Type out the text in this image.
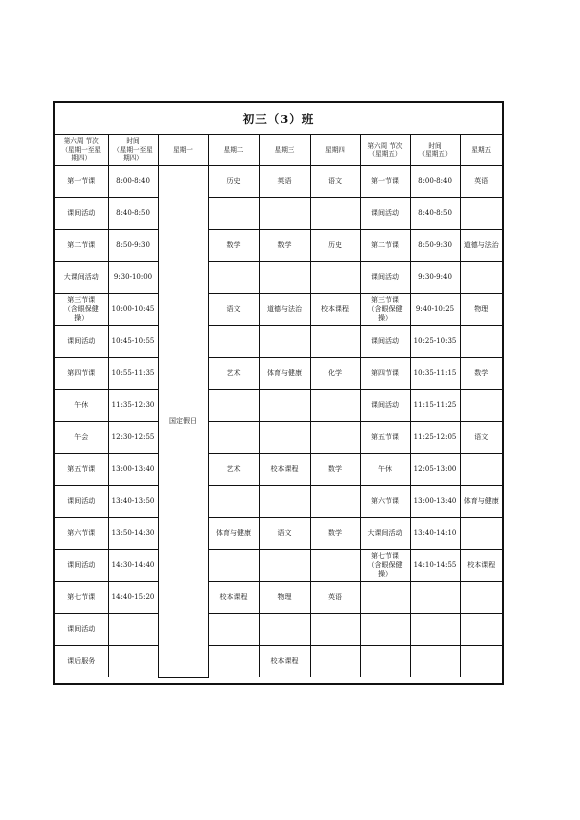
初三（3）班
第六周 节次
（星期一至星
期四）	时间
（星期一至星
期四）	星期一	星期二	星期三	星期四	第六周 节次
（星期五）	时间
（星期五）	星期五
第一节课	8:00-8:40	国定假日	历史	英语	语文	第一节课	8:00-8:40	英语
课间活动	8:40-8:50					课间活动	8:40-8:50	
第二节课	8:50-9:30		数学	数学	历史	第二节课	8:50-9:30	道德与法治
大课间活动	9:30-10:00					课间活动	9:30-9:40	
第三节课
（含眼保健
操）	10:00-10:45		语文	道德与法治	校本课程	第三节课
（含眼保健
操）	9:40-10:25	物理
课间活动	10:45-10:55					课间活动	10:25-10:35	
第四节课	10:55-11:35		艺术	体育与健康	化学	第四节课	10:35-11:15	数学
午休	11:35-12:30					课间活动	11:15-11:25	
午会	12:30-12:55					第五节课	11:25-12:05	语文
第五节课	13:00-13:40		艺术	校本课程	数学	午休	12:05-13:00	
课间活动	13:40-13:50					第六节课	13:00-13:40	体育与健康
第六节课	13:50-14:30		体育与健康	语文	数学	大课间活动	13:40-14:10	
课间活动	14:30-14:40					第七节课
（含眼保健
操）	14:10-14:55	校本课程
第七节课	14:40-15:20		校本课程	物理	英语			
课间活动								
课后服务				校本课程				
